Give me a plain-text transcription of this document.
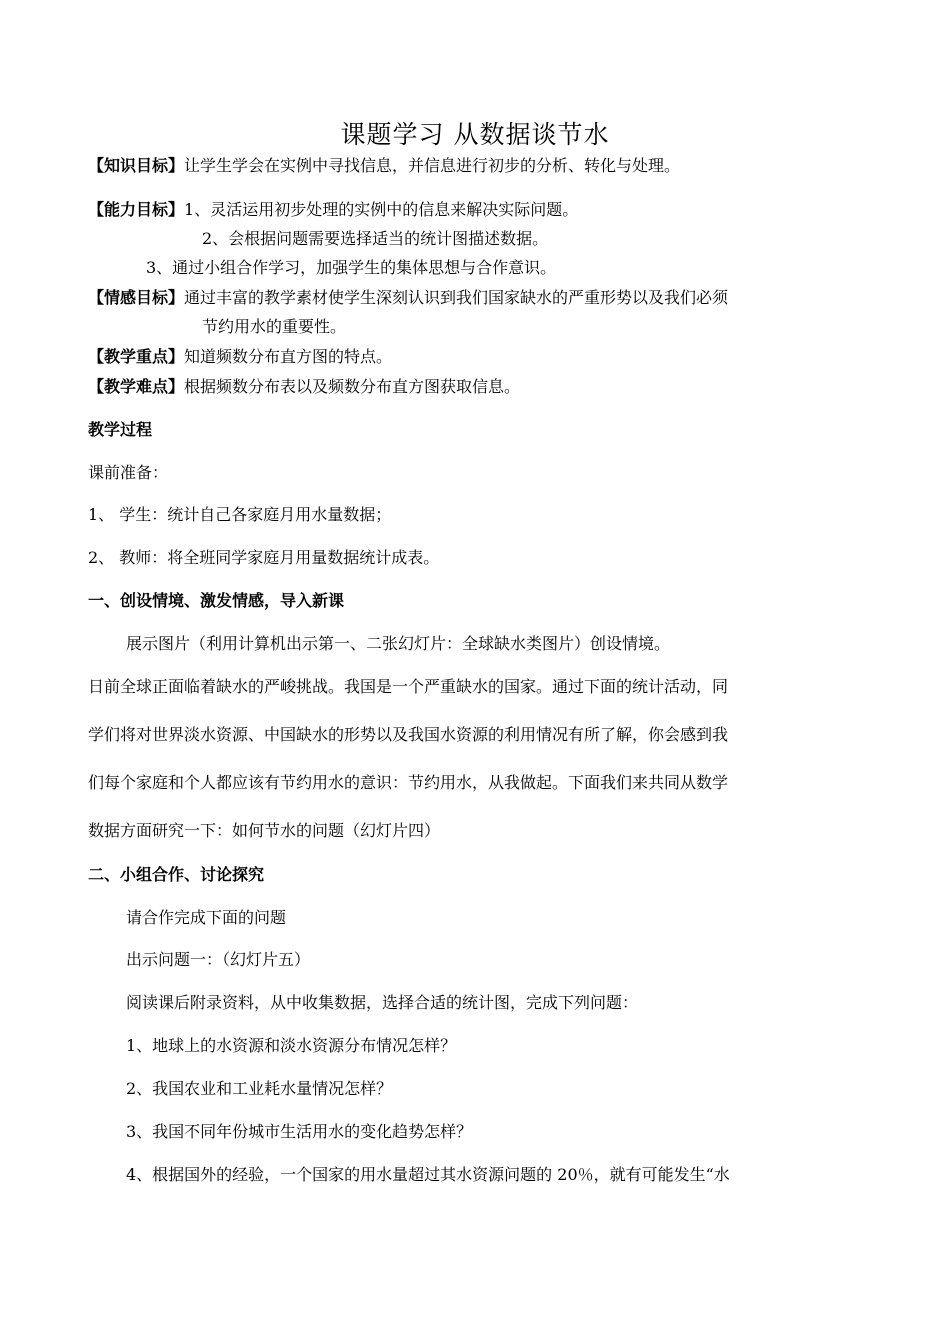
课题学习 从数据谈节水
【知识目标】让学生学会在实例中寻找信息，并信息进行初步的分析、转化与处理。
【能力目标】1、灵活运用初步处理的实例中的信息来解决实际问题。
2、会根据问题需要选择适当的统计图描述数据。
3、通过小组合作学习，加强学生的集体思想与合作意识。
【情感目标】通过丰富的教学素材使学生深刻认识到我们国家缺水的严重形势以及我们必须
节约用水的重要性。
【教学重点】知道频数分布直方图的特点。
【教学难点】根据频数分布表以及频数分布直方图获取信息。
教学过程
课前准备：
1、 学生：统计自己各家庭月用水量数据；
2、 教师：将全班同学家庭月用量数据统计成表。
一、创设情境、激发情感，导入新课
展示图片（利用计算机出示第一、二张幻灯片：全球缺水类图片）创设情境。
日前全球正面临着缺水的严峻挑战。我国是一个严重缺水的国家。通过下面的统计活动，同
学们将对世界淡水资源、中国缺水的形势以及我国水资源的利用情况有所了解，你会感到我
们每个家庭和个人都应该有节约用水的意识：节约用水，从我做起。下面我们来共同从数学
数据方面研究一下：如何节水的问题（幻灯片四）
二、小组合作、讨论探究
请合作完成下面的问题
出示问题一：（幻灯片五）
阅读课后附录资料，从中收集数据，选择合适的统计图，完成下列问题：
1、地球上的水资源和淡水资源分布情况怎样？
2、我国农业和工业耗水量情况怎样？
3、我国不同年份城市生活用水的变化趋势怎样？
4、根据国外的经验，一个国家的用水量超过其水资源问题的 20％，就有可能发生“水
